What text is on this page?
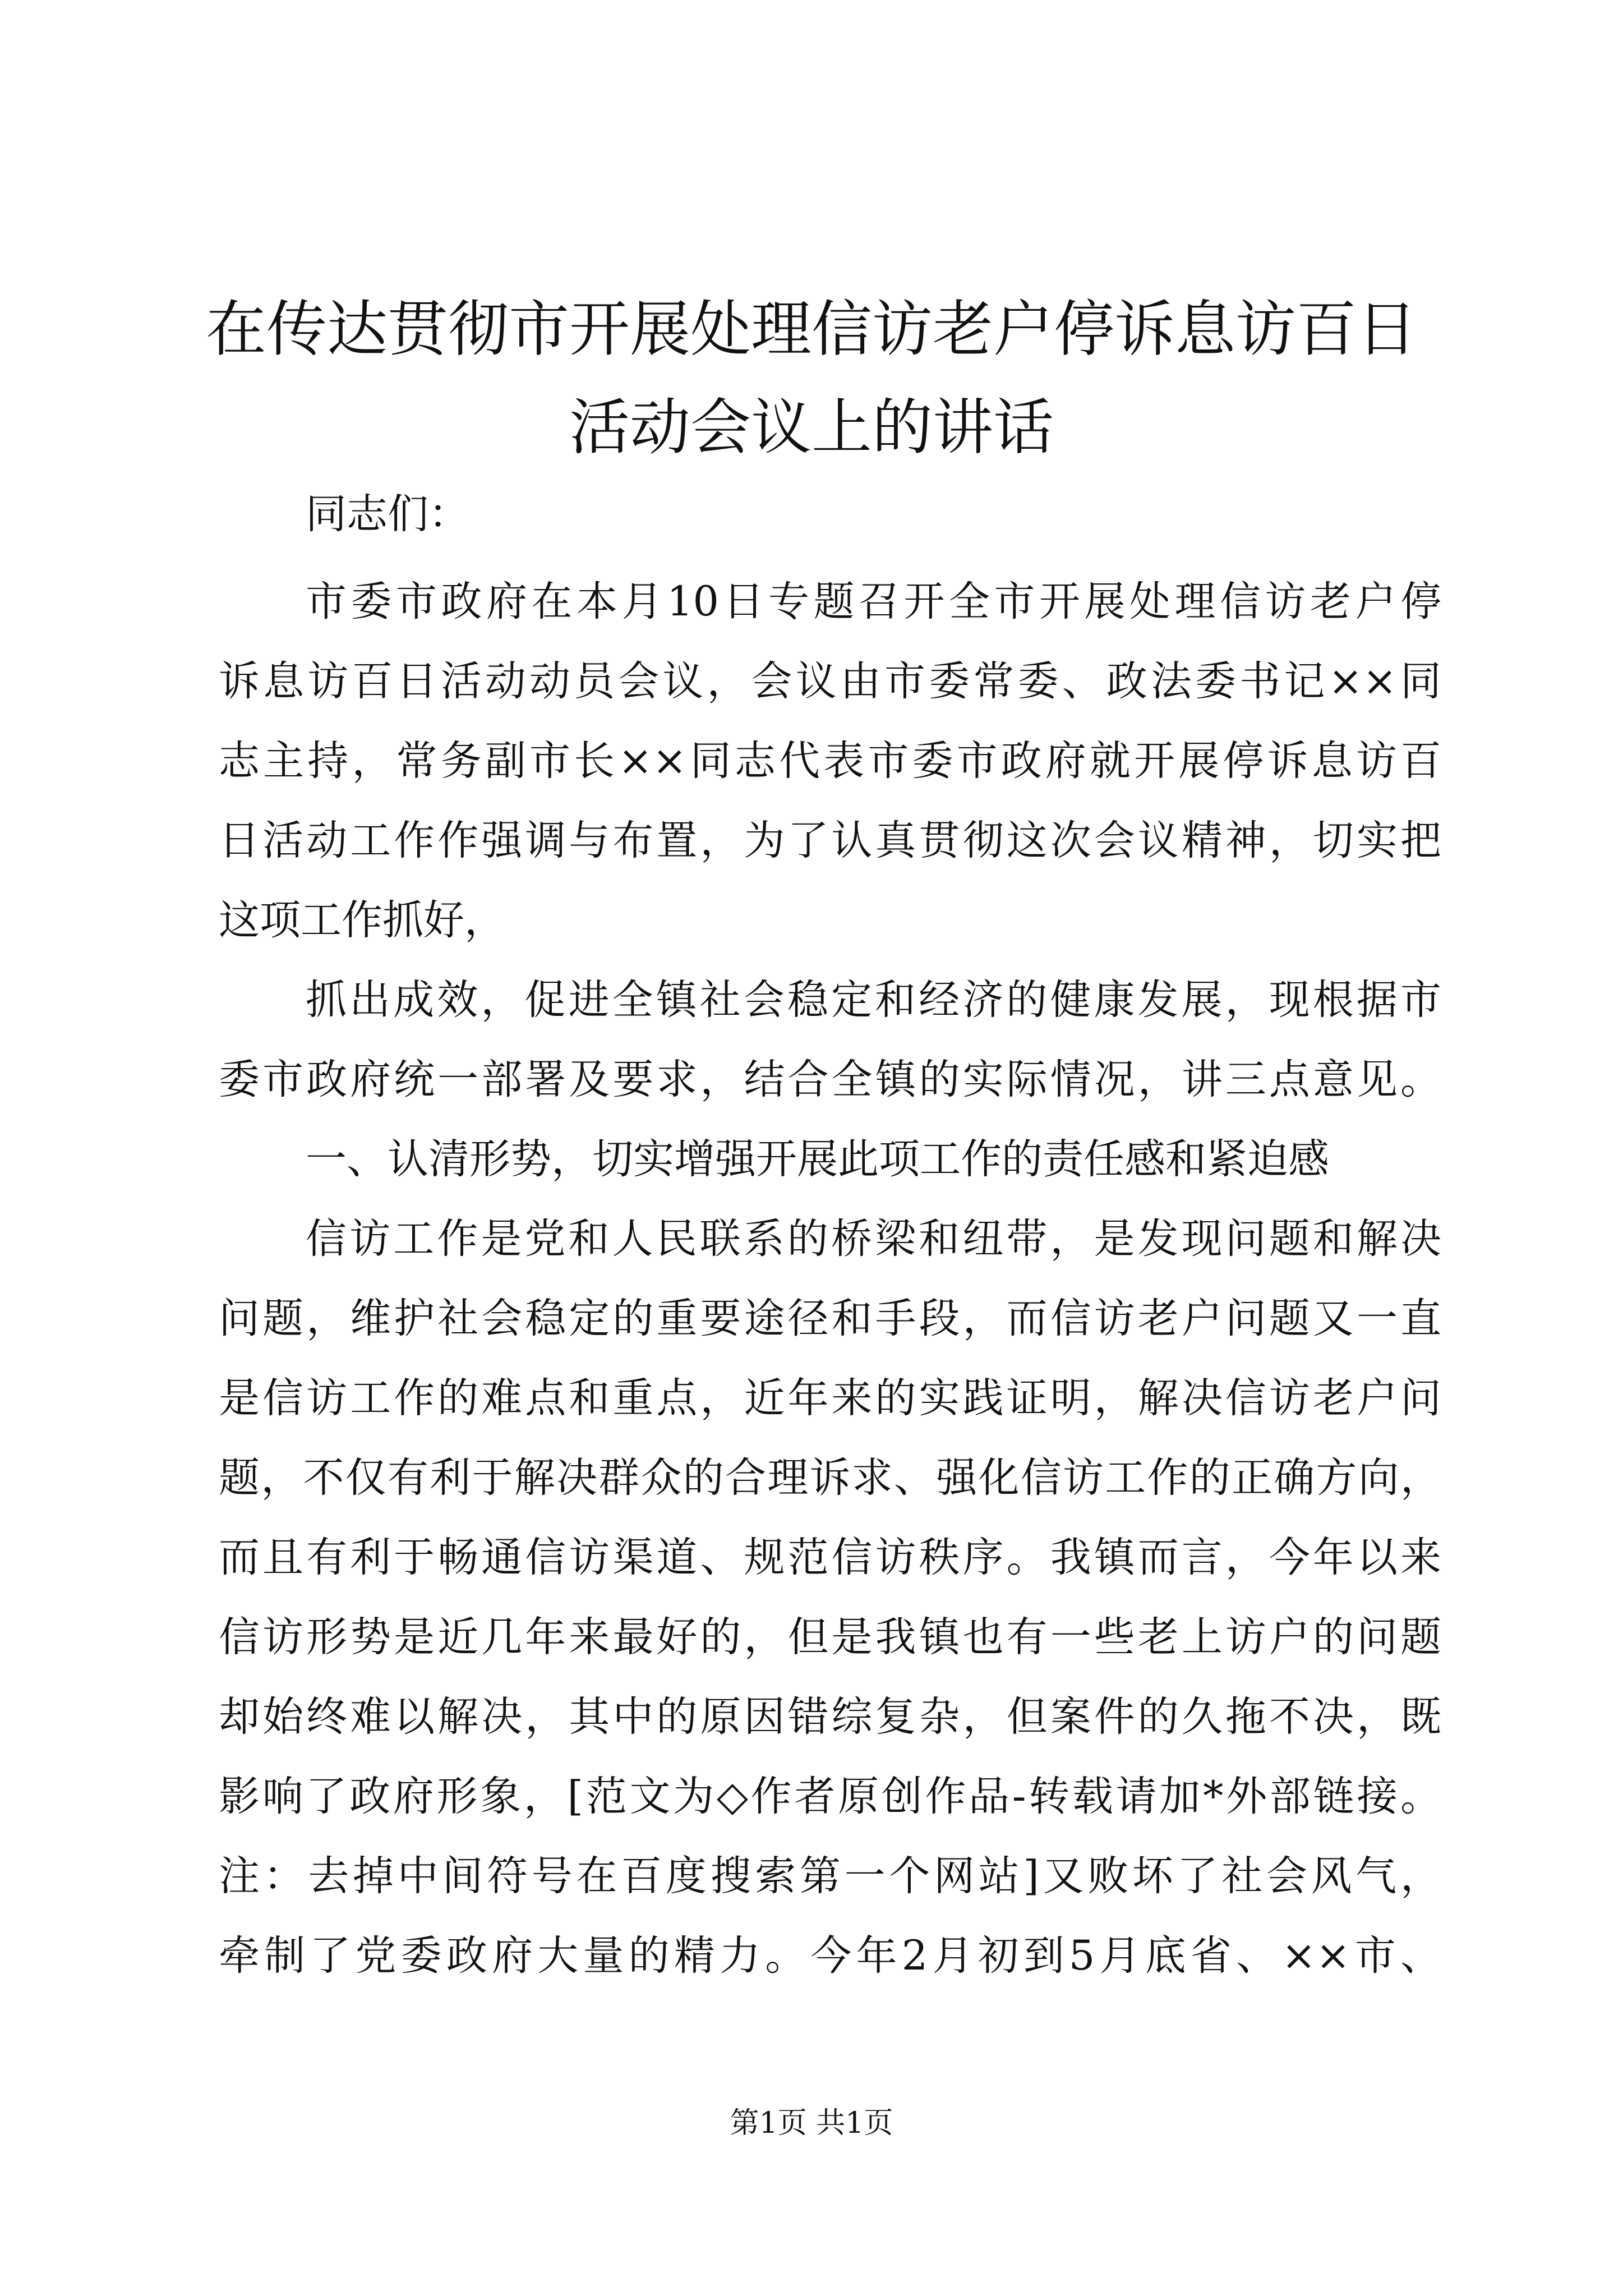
在传达贯彻市开展处理信访老户停诉息访百日
活动会议上的讲话

同志们：

市委市政府在本月10日专题召开全市开展处理信访老户停

诉息访百日活动动员会议，会议由市委常委、政法委书记××同

志主持，常务副市长××同志代表市委市政府就开展停诉息访百

日活动工作作强调与布置，为了认真贯彻这次会议精神，切实把

这项工作抓好，

抓出成效，促进全镇社会稳定和经济的健康发展，现根据市

委市政府统一部署及要求，结合全镇的实际情况，讲三点意见。

一、认清形势，切实增强开展此项工作的责任感和紧迫感

信访工作是党和人民联系的桥梁和纽带，是发现问题和解决

问题，维护社会稳定的重要途径和手段，而信访老户问题又一直

是信访工作的难点和重点，近年来的实践证明，解决信访老户问

题，不仅有利于解决群众的合理诉求、强化信访工作的正确方向，

而且有利于畅通信访渠道、规范信访秩序。我镇而言，今年以来

信访形势是近几年来最好的，但是我镇也有一些老上访户的问题

却始终难以解决，其中的原因错综复杂，但案件的久拖不决，既

影响了政府形象，[范文为◇作者原创作品-转载请加*外部链接。

注：去掉中间符号在百度搜索第一个网站]又败坏了社会风气，

牵制了党委政府大量的精力。今年2月初到5月底省、××市、

第1页 共1页
